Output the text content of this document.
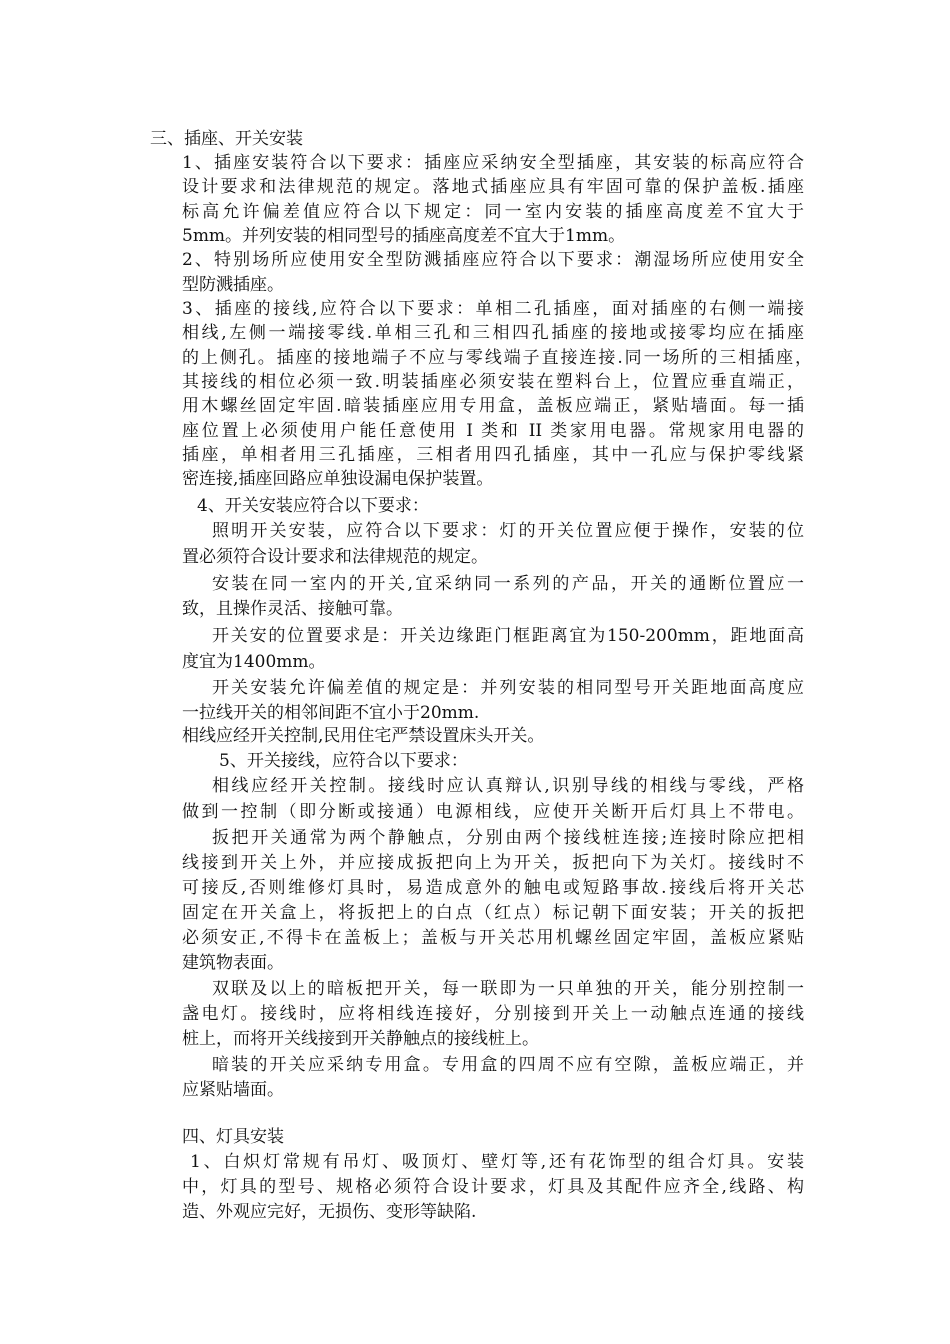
三、插座、开关安装
1、插座安装符合以下要求：插座应采纳安全型插座，其安装的标高应符合
设计要求和法律规范的规定。落地式插座应具有牢固可靠的保护盖板.插座
标高允许偏差值应符合以下规定：同一室内安装的插座高度差不宜大于
5mm。并列安装的相同型号的插座高度差不宜大于1mm。
2、特别场所应使用安全型防溅插座应符合以下要求：潮湿场所应使用安全
型防溅插座。
3、插座的接线,应符合以下要求：单相二孔插座，面对插座的右侧一端接
相线,左侧一端接零线.单相三孔和三相四孔插座的接地或接零均应在插座
的上侧孔。插座的接地端子不应与零线端子直接连接.同一场所的三相插座，
其接线的相位必须一致.明装插座必须安装在塑料台上，位置应垂直端正，
用木螺丝固定牢固.暗装插座应用专用盒，盖板应端正，紧贴墙面。每一插
座位置上必须使用户能任意使用 I 类和 II 类家用电器。常规家用电器的
插座，单相者用三孔插座，三相者用四孔插座，其中一孔应与保护零线紧
密连接,插座回路应单独设漏电保护装置。
4、开关安装应符合以下要求：
照明开关安装，应符合以下要求：灯的开关位置应便于操作，安装的位
置必须符合设计要求和法律规范的规定。
安装在同一室内的开关,宜采纳同一系列的产品，开关的通断位置应一
致，且操作灵活、接触可靠。
开关安的位置要求是：开关边缘距门框距离宜为150-200mm，距地面高
度宜为1400mm。
开关安装允许偏差值的规定是：并列安装的相同型号开关距地面高度应
一拉线开关的相邻间距不宜小于20mm.
相线应经开关控制,民用住宅严禁设置床头开关。
5、开关接线，应符合以下要求：
相线应经开关控制。接线时应认真辩认,识别导线的相线与零线，严格
做到一控制（即分断或接通）电源相线，应使开关断开后灯具上不带电。
扳把开关通常为两个静触点，分别由两个接线桩连接;连接时除应把相
线接到开关上外，并应接成扳把向上为开关，扳把向下为关灯。接线时不
可接反,否则维修灯具时，易造成意外的触电或短路事故.接线后将开关芯
固定在开关盒上，将扳把上的白点（红点）标记朝下面安装；开关的扳把
必须安正,不得卡在盖板上；盖板与开关芯用机螺丝固定牢固，盖板应紧贴
建筑物表面。
双联及以上的暗板把开关，每一联即为一只单独的开关，能分别控制一
盏电灯。接线时，应将相线连接好，分别接到开关上一动触点连通的接线
桩上，而将开关线接到开关静触点的接线桩上。
暗装的开关应采纳专用盒。专用盒的四周不应有空隙，盖板应端正，并
应紧贴墙面。
四、灯具安装
1、白炽灯常规有吊灯、吸顶灯、壁灯等,还有花饰型的组合灯具。安装
中，灯具的型号、规格必须符合设计要求，灯具及其配件应齐全,线路、构
造、外观应完好，无损伤、变形等缺陷.
